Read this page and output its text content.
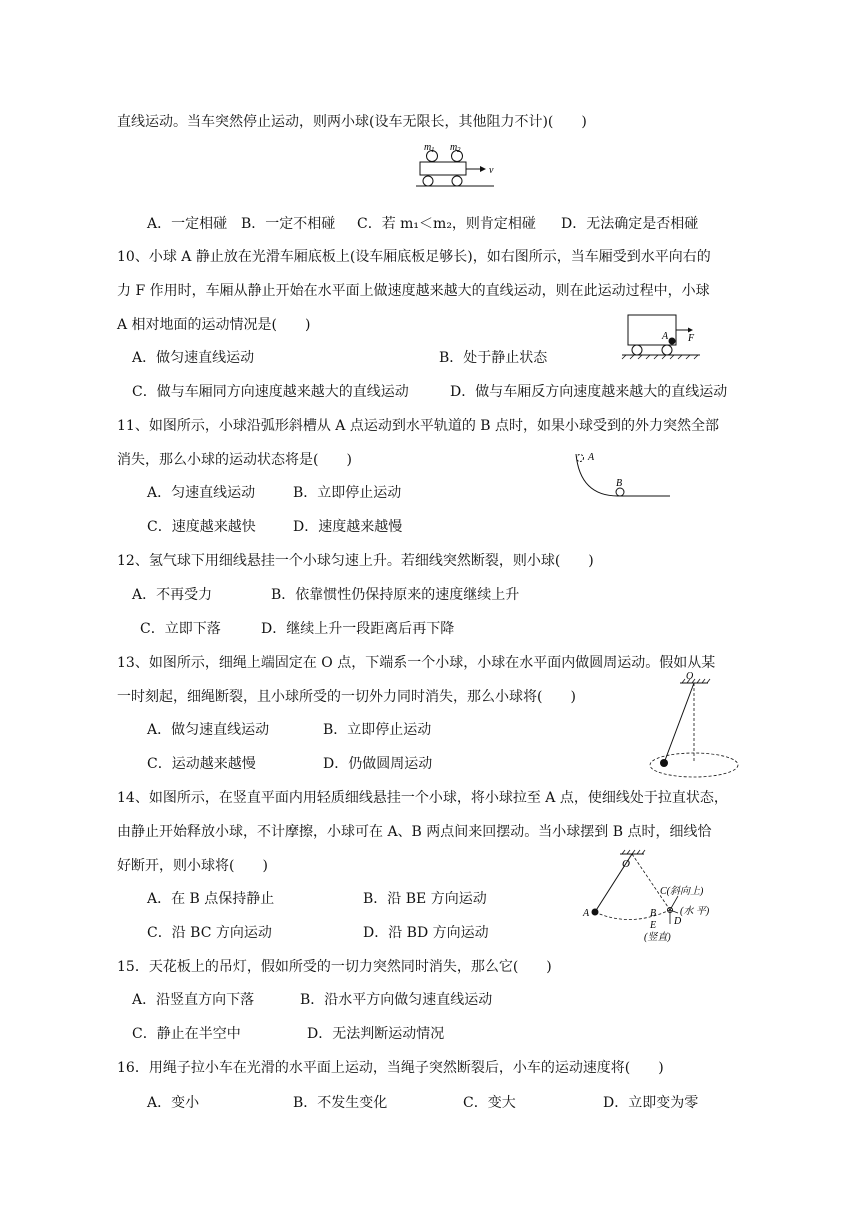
直线运动。当车突然停止运动，则两小球(设车无限长，其他阻力不计)(　　)
m 1 m 2
v
A．一定相碰 B．一定不相碰 C．若 m₁＜m₂，则肯定相碰 D．无法确定是否相碰
10、小球 A 静止放在光滑车厢底板上(设车厢底板足够长)，如右图所示，当车厢受到水平向右的
力 F 作用时，车厢从静止开始在水平面上做速度越来越大的直线运动，则在此运动过程中，小球
A 相对地面的运动情况是(　　)
A F
A．做匀速直线运动	B．处于静止状态
C．做与车厢同方向速度越来越大的直线运动	D．做与车厢反方向速度越来越大的直线运动
11、如图所示，小球沿弧形斜槽从 A 点运动到水平轨道的 B 点时，如果小球受到的外力突然全部
消失，那么小球的运动状态将是(　　)	A
B
A．匀速直线运动	B．立即停止运动
C．速度越来越快	D．速度越来越慢
12、氢气球下用细线悬挂一个小球匀速上升。若细线突然断裂，则小球(　　)
A．不再受力	B．依靠惯性仍保持原来的速度继续上升
C．立即下落	D．继续上升一段距离后再下降
13、如图所示，细绳上端固定在 O 点，下端系一个小球，小球在水平面内做圆周运动。假如从某
一时刻起，细绳断裂，且小球所受的一切外力同时消失，那么小球将(　　)
O
A．做匀速直线运动	B．立即停止运动
C．运动越来越慢	D．仍做圆周运动
14、如图所示，在竖直平面内用轻质细线悬挂一个小球，将小球拉至 A 点，使细线处于拉直状态，
由静止开始释放小球，不计摩擦，小球可在 A、B 两点间来回摆动。当小球摆到 B 点时，细线恰
好断开，则小球将(　　)	O
A	B
C(斜向上)
D
(水 平)
E
(竖直)
A．在 B 点保持静止	B．沿 BE 方向运动
C．沿 BC 方向运动	D．沿 BD 方向运动
15．天花板上的吊灯，假如所受的一切力突然同时消失，那么它(　　)
A．沿竖直方向下落	B．沿水平方向做匀速直线运动
C．静止在半空中	D．无法判断运动情况
16．用绳子拉小车在光滑的水平面上运动，当绳子突然断裂后，小车的运动速度将(　　)
A．变小	B．不发生变化	C．变大	D．立即变为零
